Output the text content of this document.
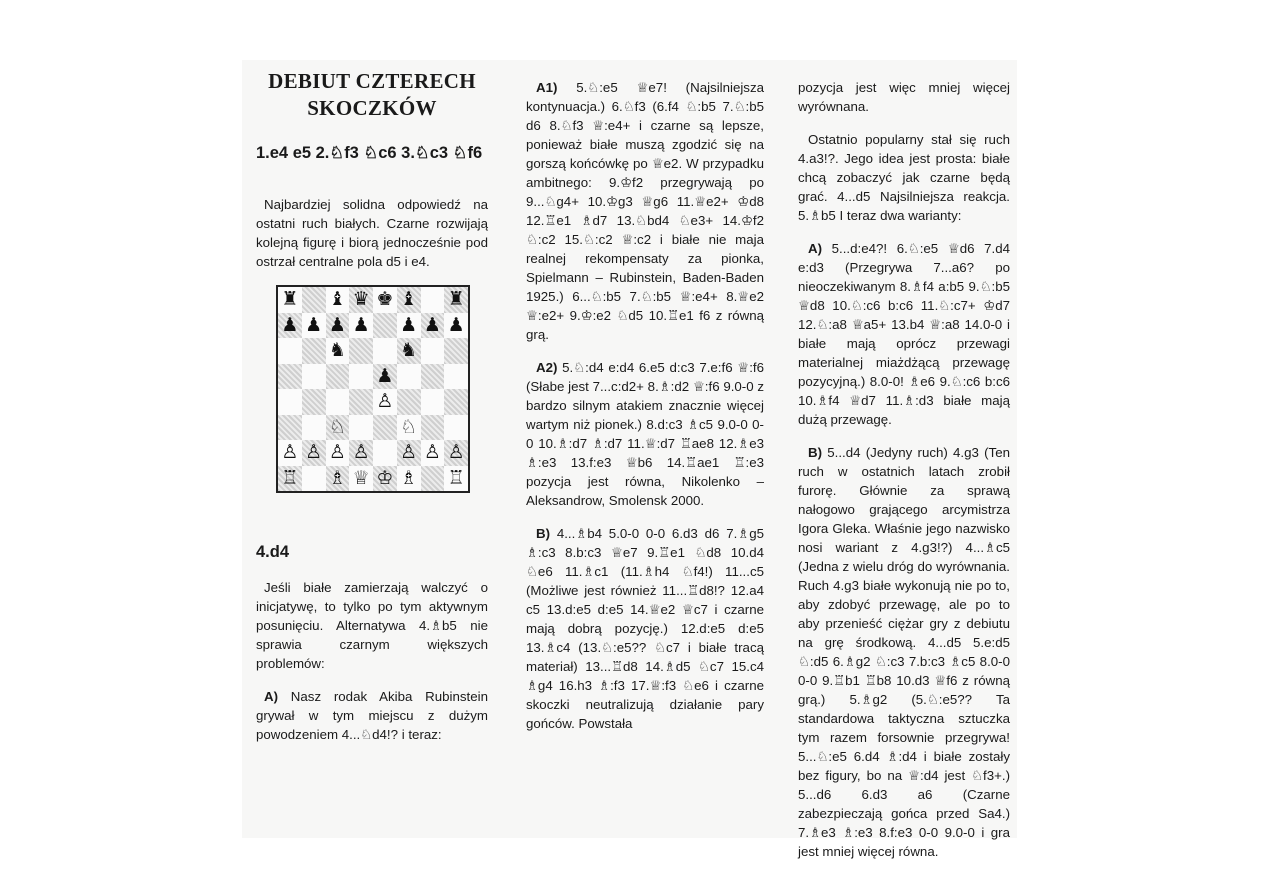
DEBIUT CZTERECH SKOCZKÓW
1.e4 e5 2.♘f3 ♘c6 3.♘c3 ♘f6

Najbardziej solidna odpowiedź na ostatni ruch białych. Czarne rozwijają kolejną figurę i biorą jednocześnie pod ostrzał centralne pola d5 i e4.

♜ ♝ ♛ ♚ ♝ ♜
♟ ♟ ♟ ♟ ♟ ♟ ♟
♞	♞
♟
♙
♘	♘
♙ ♙ ♙ ♙ ♙ ♙ ♙
♖ ♗ ♕ ♔ ♗ ♖
4.d4

Jeśli białe zamierzają walczyć o inicjatywę, to tylko po tym aktywnym posunięciu. Alternatywa 4.♗b5 nie sprawia czarnym większych problemów:

A) Nasz rodak Akiba Rubinstein grywał w tym miejscu z dużym powodzeniem 4...♘d4!? i teraz:

A1) 5.♘:e5 ♕e7! (Najsilniejsza kontynuacja.) 6.♘f3 (6.f4 ♘:b5 7.♘:b5 d6 8.♘f3 ♕:e4+ i czarne są lepsze, ponieważ białe muszą zgodzić się na gorszą końcówkę po ♕e2. W przypadku ambitnego: 9.♔f2 przegrywają po 9...♘g4+ 10.♔g3 ♕g6 11.♕e2+ ♔d8 12.♖e1 ♗d7 13.♘bd4 ♘e3+ 14.♔f2 ♘:c2 15.♘:c2 ♕:c2 i białe nie maja realnej rekompensaty za pionka, Spielmann – Rubinstein, Baden-Baden 1925.) 6...♘:b5 7.♘:b5 ♕:e4+ 8.♕e2 ♕:e2+ 9.♔:e2 ♘d5 10.♖e1 f6 z równą grą.

A2) 5.♘:d4 e:d4 6.e5 d:c3 7.e:f6 ♕:f6 (Słabe jest 7...c:d2+ 8.♗:d2 ♕:f6 9.0-0 z bardzo silnym atakiem znacznie więcej wartym niż pionek.) 8.d:c3 ♗c5 9.0-0 0-0 10.♗:d7 ♗:d7 11.♕:d7 ♖ae8 12.♗e3 ♗:e3 13.f:e3 ♕b6 14.♖ae1 ♖:e3 pozycja jest równa, Nikolenko – Aleksandrow, Smolensk 2000.

B) 4...♗b4 5.0-0 0-0 6.d3 d6 7.♗g5 ♗:c3 8.b:c3 ♕e7 9.♖e1 ♘d8 10.d4 ♘e6 11.♗c1 (11.♗h4 ♘f4!) 11...c5 (Możliwe jest również 11...♖d8!? 12.a4 c5 13.d:e5 d:e5 14.♕e2 ♕c7 i czarne mają dobrą pozycję.) 12.d:e5 d:e5 13.♗c4 (13.♘:e5?? ♘c7 i białe tracą materiał) 13...♖d8 14.♗d5 ♘c7 15.c4 ♗g4 16.h3 ♗:f3 17.♕:f3 ♘e6 i czarne skoczki neutralizują działanie pary gońców. Powstała

pozycja jest więc mniej więcej wyrównana.

Ostatnio popularny stał się ruch 4.a3!?. Jego idea jest prosta: białe chcą zobaczyć jak czarne będą grać. 4...d5 Najsilniejsza reakcja. 5.♗b5 I teraz dwa warianty:

A) 5...d:e4?! 6.♘:e5 ♕d6 7.d4 e:d3 (Przegrywa 7...a6? po nieoczekiwanym 8.♗f4 a:b5 9.♘:b5 ♕d8 10.♘:c6 b:c6 11.♘:c7+ ♔d7 12.♘:a8 ♕a5+ 13.b4 ♕:a8 14.0-0 i białe mają oprócz przewagi materialnej miażdżącą przewagę pozycyjną.) 8.0-0! ♗e6 9.♘:c6 b:c6 10.♗f4 ♕d7 11.♗:d3 białe mają dużą przewagę.

B) 5...d4 (Jedyny ruch) 4.g3 (Ten ruch w ostatnich latach zrobił furorę. Głównie za sprawą nałogowo grającego arcymistrza Igora Gleka. Właśnie jego nazwisko nosi wariant z 4.g3!?) 4...♗c5 (Jedna z wielu dróg do wyrównania. Ruch 4.g3 białe wykonują nie po to, aby zdobyć przewagę, ale po to aby przenieść ciężar gry z debiutu na grę środkową. 4...d5 5.e:d5 ♘:d5 6.♗g2 ♘:c3 7.b:c3 ♗c5 8.0-0 0-0 9.♖b1 ♖b8 10.d3 ♕f6 z równą grą.) 5.♗g2 (5.♘:e5?? Ta standardowa taktyczna sztuczka tym razem forsownie przegrywa! 5...♘:e5 6.d4 ♗:d4 i białe zostały bez figury, bo na ♕:d4 jest ♘f3+.) 5...d6 6.d3 a6 (Czarne zabezpieczają gońca przed Sa4.) 7.♗e3 ♗:e3 8.f:e3 0-0 9.0-0 i gra jest mniej więcej równa.
